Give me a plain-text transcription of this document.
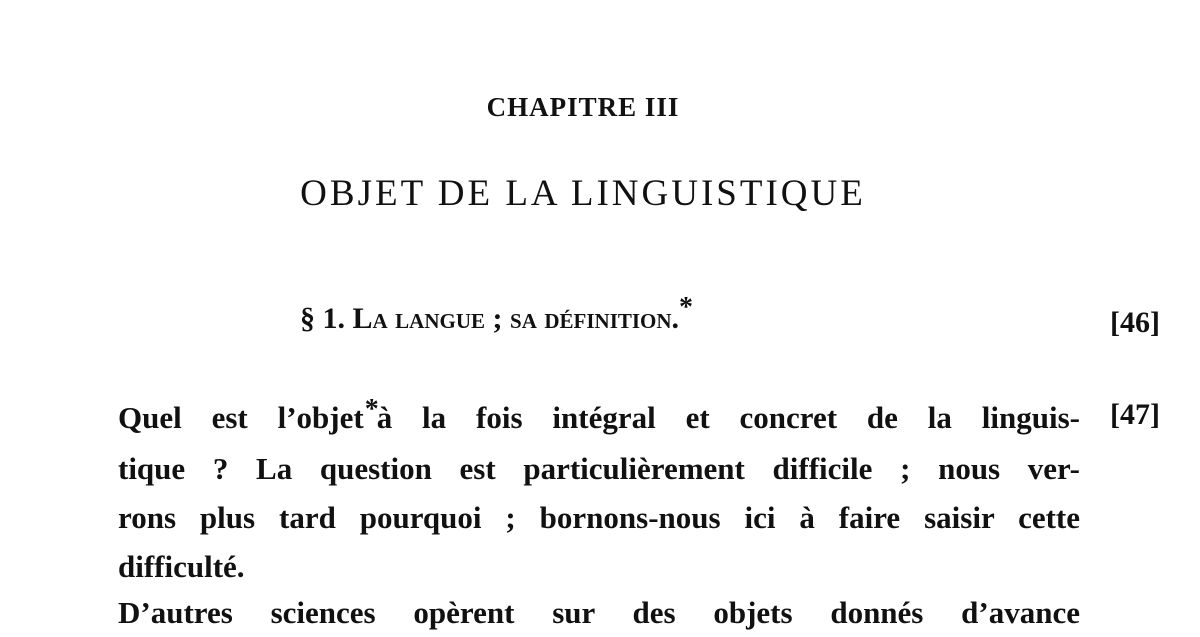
CHAPITRE III
OBJET DE LA LINGUISTIQUE
§ 1. La langue ; sa définition.*	[46]
[47]
Quel est l’objet*à la fois intégral et concret de la linguis-
tique ? La question est particulièrement difficile ; nous ver-
rons plus tard pourquoi ; bornons-nous ici à faire saisir cette
difficulté.
D’autres sciences opèrent sur des objets donnés d’avance
